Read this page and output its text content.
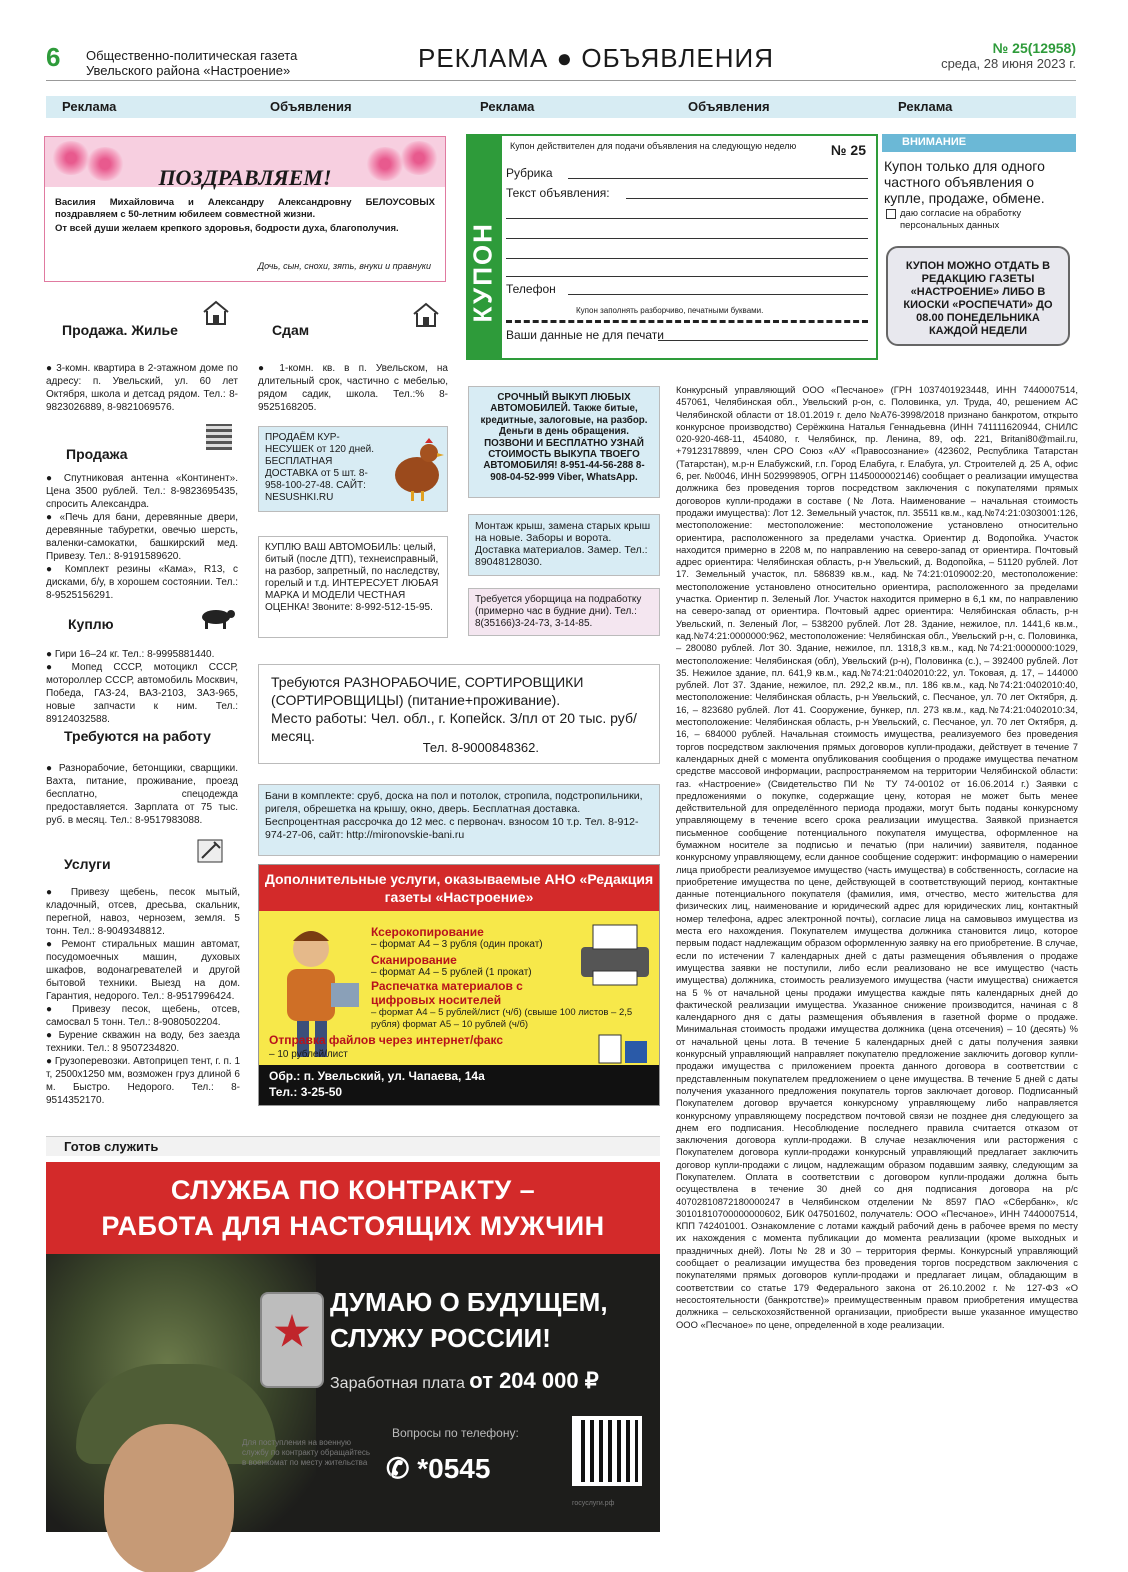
6 Общественно-политическая газета
Увельского района «Настроение»	РЕКЛАМА ● ОБЪЯВЛЕНИЯ	№ 25(12958)
среда, 28 июня 2023 г.
Реклама	Объявления	Реклама	Объявления	Реклама
ПОЗДРАВЛЯЕМ!
Василия Михайловича и Александру Александровну БЕЛОУСОВЫХ поздравляем с 50-летним юбилеем совместной жизни.
От всей души желаем крепкого здоровья, бодрости духа, благополучия.
Дочь, сын, снохи, зять, внуки и правнуки КУПОН
Купон действителен для подачи объявления на следующую неделю № 25
Рубрика
Текст объявления:
Телефон
Купон заполнять разборчиво, печатными буквами.
Ваши данные не для печати
ВНИМАНИЕ
Купон только для одного частного объявления о купле, продаже, обмене.
даю согласие на обработку персональных данных
КУПОН МОЖНО ОТДАТЬ В РЕДАКЦИЮ ГАЗЕТЫ «НАСТРОЕНИЕ» ЛИБО В КИОСКИ «РОСПЕЧАТИ» ДО 08.00 ПОНЕДЕЛЬНИКА КАЖДОЙ НЕДЕЛИ
Продажа. Жилье
● 3-комн. квартира в 2-этажном доме по адресу: п. Увельский, ул. 60 лет Октября, школа и детсад рядом. Тел.: 8-9823026889, 8-9821069576.
Продажа
● Спутниковая антенна «Континент». Цена 3500 рублей. Тел.: 8-9823695435, спросить Александра.
● «Печь для бани, деревянные двери, деревянные табуретки, овечью шерсть, валенки-самокатки, башкирский мед. Привезу. Тел.: 8-9191589620.
● Комплект резины «Кама», R13, с дисками, б/у, в хорошем состоянии. Тел.: 8-9525156291.
Куплю
● Гири 16–24 кг. Тел.: 8-9995881440.
● Мопед СССР, мотоцикл СССР, мотороллер СССР, автомобиль Москвич, Победа, ГАЗ-24, ВАЗ-2103, ЗАЗ-965, новые запчасти к ним. Тел.: 89124032588.
Требуются на работу
● Разнорабочие, бетонщики, сварщики. Вахта, питание, проживание, проезд бесплатно, спецодежда предоставляется. Зарплата от 75 тыс. руб. в месяц. Тел.: 8-9517983088.
Услуги
● Привезу щебень, песок мытый, кладочный, отсев, дресьва, скальник, перегной, навоз, чернозем, земля. 5 тонн. Тел.: 8-9049348812.
● Ремонт стиральных машин автомат, посудомоечных машин, духовых шкафов, водонагревателей и другой бытовой техники. Выезд на дом. Гарантия, недорого. Тел.: 8-9517996424.
● Привезу песок, щебень, отсев, самосвал 5 тонн. Тел.: 8-9080502204.
● Бурение скважин на воду, без заезда техники. Тел.: 8 9507234820.
● Грузоперевозки. Автоприцеп тент, г. п. 1 т, 2500х1250 мм, возможен груз длиной 6 м. Быстро. Недорого. Тел.: 8-9514352170.
Сдам
● 1-комн. кв. в п. Увельском, на длительный срок, частично с мебелью, рядом садик, школа. Тел.:% 8-9525168205.
ПРОДАЁМ КУР-НЕСУШЕК от 120 дней. БЕСПЛАТНАЯ ДОСТАВКА от 5 шт. 8-958-100-27-48. САЙТ: NESUSHKI.RU
КУПЛЮ ВАШ АВТОМОБИЛЬ: целый, битый (после ДТП), технеисправный, на разбор, запретный, по наследству, горелый и т.д. ИНТЕРЕСУЕТ ЛЮБАЯ МАРКА И МОДЕЛИ ЧЕСТНАЯ ОЦЕНКА! Звоните: 8-992-512-15-95.
Требуются РАЗНОРАБОЧИЕ, СОРТИРОВЩИКИ (СОРТИРОВЩИЦЫ) (питание+проживание).
Место работы: Чел. обл., г. Копейск. З/пл от 20 тыс. руб/месяц.
Тел. 8-9000848362.
Бани в комплекте: сруб, доска на пол и потолок, стропила, подстропильники, ригеля, обрешетка на крышу, окно, дверь. Бесплатная доставка. Беспроцентная рассрочка до 12 мес. с первонач. взносом 10 т.р. Тел. 8-912-974-27-06, сайт: http://mironovskie-bani.ru
Дополнительные услуги, оказываемые АНО «Редакция газеты «Настроение»
Ксерокопирование
– формат А4 – 3 рубля (один прокат)
Сканирование
– формат А4 – 5 рублей (1 прокат)
Распечатка материалов с цифровых носителей
– формат А4 – 5 рублей/лист (ч/б) (свыше 100 листов – 2,5 рубля) формат А5 – 10 рублей (ч/б)
Отправка файлов через интернет/факс
– 10 рублей/лист
Обр.: п. Увельский, ул. Чапаева, 14а
Тел.: 3-25-50
СРОЧНЫЙ ВЫКУП ЛЮБЫХ АВТОМОБИЛЕЙ. Также битые, кредитные, залоговые, на разбор. Деньги в день обращения. ПОЗВОНИ И БЕСПЛАТНО УЗНАЙ СТОИМОСТЬ ВЫКУПА ТВОЕГО АВТОМОБИЛЯ! 8-951-44-56-288 8-908-04-52-999 Viber, WhatsApp.
Монтаж крыш, замена старых крыш на новые. Заборы и ворота. Доставка материалов. Замер. Тел.: 89048128030.
Требуется уборщица на подработку (примерно час в будние дни). Тел.: 8(35166)3-24-73, 3-14-85.
Конкурсный управляющий ООО «Песчаное» (ГРН 1037401923448, ИНН 7440007514, 457061, Челябинская обл., Увельский р-он, с. Половинка, ул. Труда, 40, решением АС Челябинской области от 18.01.2019 г. дело №А76-3998/2018 признано банкротом, открыто конкурсное производство) Серёжкина Наталья Геннадьевна (ИНН 741111620944, СНИЛС 020-920-468-11, 454080, г. Челябинск, пр. Ленина, 89, оф. 221, Britani80@mail.ru, +79123178899, член СРО Союз «АУ «Правосознание» (423602, Республика Татарстан (Татарстан), м.р-н Елабужский, г.п. Город Елабуга, г. Елабуга, ул. Строителей д. 25 А, офис 6, рег. №0046, ИНН 5029998905, ОГРН 1145000002146) сообщает о реализации имущества должника без проведения торгов посредством заключения с покупателями прямых договоров купли-продажи в составе (№ Лота. Наименование – начальная стоимость продажи имущества): Лот 12. Земельный участок, пл. 35511 кв.м., кад.№74:21:0303001:126, местоположение: местоположение: местоположение установлено относительно ориентира, расположенного за пределами участка. Ориентир д. Водопойка. Участок находится примерно в 2208 м, по направлению на северо-запад от ориентира. Почтовый адрес ориентира: Челябинская область, р-н Увельский, д. Водопойка, – 51120 рублей. Лот 17. Земельный участок, пл. 586839 кв.м., кад.№74:21:0109002:20, местоположение: местоположение установлено относительно ориентира, расположенного за пределами участка. Ориентир п. Зеленый Лог. Участок находится примерно в 6,1 км, по направлению на северо-запад от ориентира. Почтовый адрес ориентира: Челябинская область, р-н Увельский, п. Зеленый Лог, – 538200 рублей. Лот 28. Здание, нежилое, пл. 1441,6 кв.м., кад.№74:21:0000000:962, местоположение: Челябинская обл., Увельский р-н, с. Половинка, – 280080 рублей. Лот 30. Здание, нежилое, пл. 1318,3 кв.м., кад.№74:21:0000000:1029, местоположение: Челябинская (обл), Увельский (р-н), Половинка (с.), – 392400 рублей. Лот 35. Нежилое здание, пл. 641,9 кв.м., кад.№74:21:0402010:22, ул. Токовая, д. 17, – 144000 рублей. Лот 37. Здание, нежилое, пл. 292,2 кв.м., пл. 186 кв.м., кад.№74:21:0402010:40, местоположение: Челябинская область, р-н Увельский, с. Песчаное, ул. 70 лет Октября, д. 16, – 823680 рублей. Лот 41. Сооружение, бункер, пл. 273 кв.м., кад.№74:21:0402010:34, местоположение: Челябинская область, р-н Увельский, с. Песчаное, ул. 70 лет Октября, д. 16, – 684000 рублей. Начальная стоимость имущества, реализуемого без проведения торгов посредством заключения прямых договоров купли-продажи, действует в течение 7 календарных дней с момента опубликования сообщения о продаже имущества печатном средстве массовой информации, распространяемом на территории Челябинской области: газ. «Настроение» (Свидетельство ПИ № ТУ 74-00102 от 16.06.2014 г.) Заявки с предложениями о покупке, содержащие цену, которая не может быть менее действительной для определённого периода продажи, могут быть поданы конкурсному управляющему в течение всего срока реализации имущества. Заявкой признается письменное сообщение потенциального покупателя имущества, оформленное на бумажном носителе за подписью и печатью (при наличии) заявителя, поданное конкурсному управляющему, если данное сообщение содержит: информацию о намерении лица приобрести реализуемое имущество (часть имущества) в собственность, согласие на приобретение имущества по цене, действующей в соответствующий период, контактные данные потенциального покупателя (фамилия, имя, отчество, место жительства для физических лиц, наименование и юридический адрес для юридических лиц, контактный номер телефона, адрес электронной почты), согласие лица на самовывоз имущества из места его нахождения. Покупателем имущества должника становится лицо, которое первым подаст надлежащим образом оформленную заявку на его приобретение. В случае, если по истечении 7 календарных дней с даты размещения объявления о продаже имущества заявки не поступили, либо если реализовано не все имущество (часть имущества) должника, стоимость реализуемого имущества (части имущества) снижается на 5 % от начальной цены продажи имущества каждые пять календарных дней до фактической реализации имущества. Указанное снижение производится, начиная с 8 календарного дня с даты размещения объявления в газетной форме о продаже. Минимальная стоимость продажи имущества должника (цена отсечения) – 10 (десять) % от начальной цены лота. В течение 5 календарных дней с даты получения заявки конкурсный управляющий направляет покупателю предложение заключить договор купли-продажи имущества с приложением проекта данного договора в соответствии с представленным покупателем предложением о цене имущества. В течение 5 дней с даты получения указанного предложения покупатель торгов заключает договор. Подписанный Покупателем договор вручается конкурсному управляющему либо направляется конкурсному управляющему посредством почтовой связи не позднее дня следующего за днем его подписания. Несоблюдение последнего правила считается отказом от заключения договора купли-продажи. В случае незаключения или расторжения с Покупателем договора купли-продажи конкурсный управляющий предлагает заключить договор купли-продажи с лицом, надлежащим образом подавшим заявку, следующим за Покупателем. Оплата в соответствии с договором купли-продажи должна быть осуществлена в течение 30 дней со дня подписания договора на р/с 40702810872180000247 в Челябинском отделении № 8597 ПАО «Сбербанк», к/с 30101810700000000602, БИК 047501602, получатель: ООО «Песчаное», ИНН 7440007514, КПП 742401001. Ознакомление с лотами каждый рабочий день в рабочее время по месту их нахождения с момента публикации до момента реализации (кроме выходных и праздничных дней). Лоты № 28 и 30 – территория фермы. Конкурсный управляющий сообщает о реализации имущества без проведения торгов посредством заключения с покупателями прямых договоров купли-продажи и предлагает лицам, обладающим в соответствии со статье 179 Федерального закона от 26.10.2002 г. № 127-ФЗ «О несостоятельности (банкротстве)» преимущественным правом приобретения имущества должника – сельскохозяйственной организации, приобрести выше указанное имущество ООО «Песчаное» по цене, определенной в ходе реализации.
Готов служить
СЛУЖБА ПО КОНТРАКТУ –
РАБОТА ДЛЯ НАСТОЯЩИХ МУЖЧИН
ДУМАЮ О БУДУЩЕМ,
СЛУЖУ РОССИИ!
Заработная плата от 204 000 ₽
Для поступления на военную службу по контракту обращайтесь в военкомат по месту жительства
Вопросы по телефону:
✆ *0545
госуслуги.рф
